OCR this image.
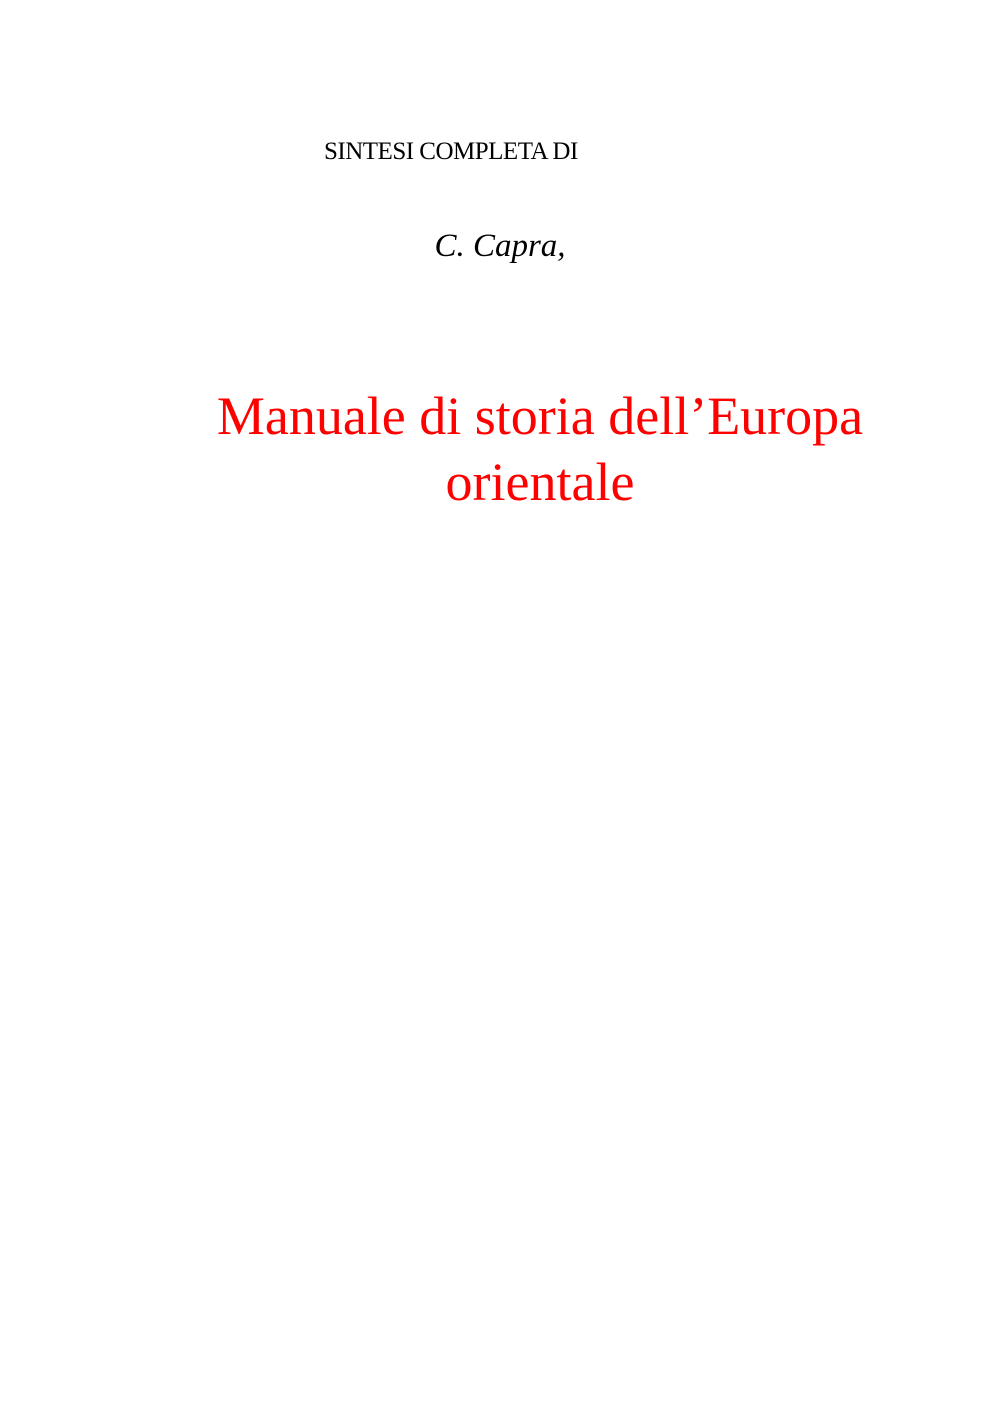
SINTESI COMPLETA DI
C. Capra,
Manuale di storia dell’Europa
orientale
